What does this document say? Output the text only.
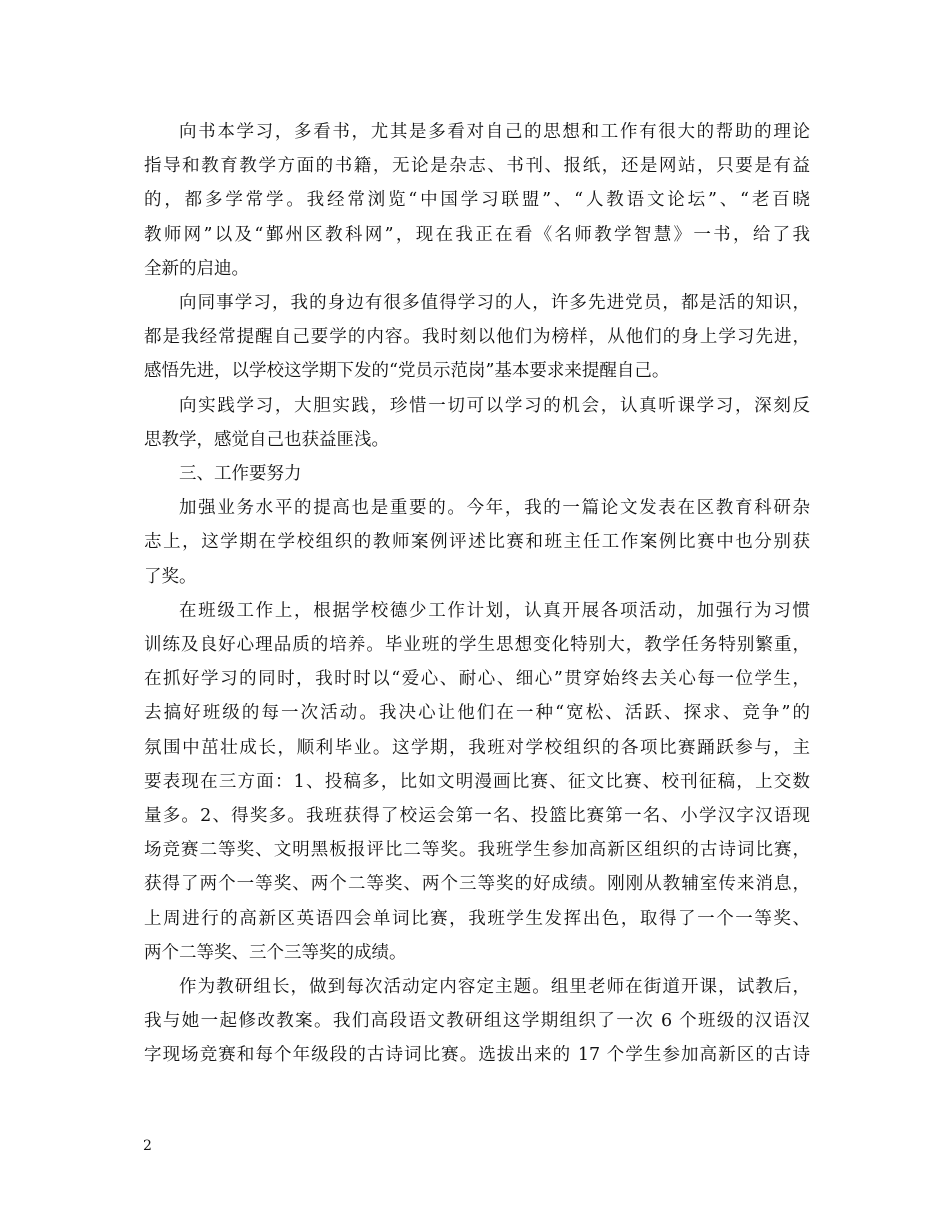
向书本学习，多看书，尤其是多看对自己的思想和工作有很大的帮助的理论
指导和教育教学方面的书籍，无论是杂志、书刊、报纸，还是网站，只要是有益
的，都多学常学。我经常浏览“中国学习联盟”、“人教语文论坛”、“老百晓
教师网”以及“鄞州区教科网”，现在我正在看《名师教学智慧》一书，给了我
全新的启迪。

向同事学习，我的身边有很多值得学习的人，许多先进党员，都是活的知识，
都是我经常提醒自己要学的内容。我时刻以他们为榜样，从他们的身上学习先进，
感悟先进，以学校这学期下发的“党员示范岗”基本要求来提醒自己。

向实践学习，大胆实践，珍惜一切可以学习的机会，认真听课学习，深刻反
思教学，感觉自己也获益匪浅。

三、工作要努力

加强业务水平的提高也是重要的。今年，我的一篇论文发表在区教育科研杂
志上，这学期在学校组织的教师案例评述比赛和班主任工作案例比赛中也分别获
了奖。

在班级工作上，根据学校德少工作计划，认真开展各项活动，加强行为习惯
训练及良好心理品质的培养。毕业班的学生思想变化特别大，教学任务特别繁重，
在抓好学习的同时，我时时以“爱心、耐心、细心”贯穿始终去关心每一位学生，
去搞好班级的每一次活动。我决心让他们在一种“宽松、活跃、探求、竞争”的
氛围中茁壮成长，顺利毕业。这学期，我班对学校组织的各项比赛踊跃参与，主
要表现在三方面：1、投稿多，比如文明漫画比赛、征文比赛、校刊征稿，上交数
量多。2、得奖多。我班获得了校运会第一名、投篮比赛第一名、小学汉字汉语现
场竞赛二等奖、文明黑板报评比二等奖。我班学生参加高新区组织的古诗词比赛，
获得了两个一等奖、两个二等奖、两个三等奖的好成绩。刚刚从教辅室传来消息，
上周进行的高新区英语四会单词比赛，我班学生发挥出色，取得了一个一等奖、
两个二等奖、三个三等奖的成绩。

作为教研组长，做到每次活动定内容定主题。组里老师在街道开课，试教后，
我与她一起修改教案。我们高段语文教研组这学期组织了一次 6 个班级的汉语汉
字现场竞赛和每个年级段的古诗词比赛。选拔出来的 17 个学生参加高新区的古诗

2
